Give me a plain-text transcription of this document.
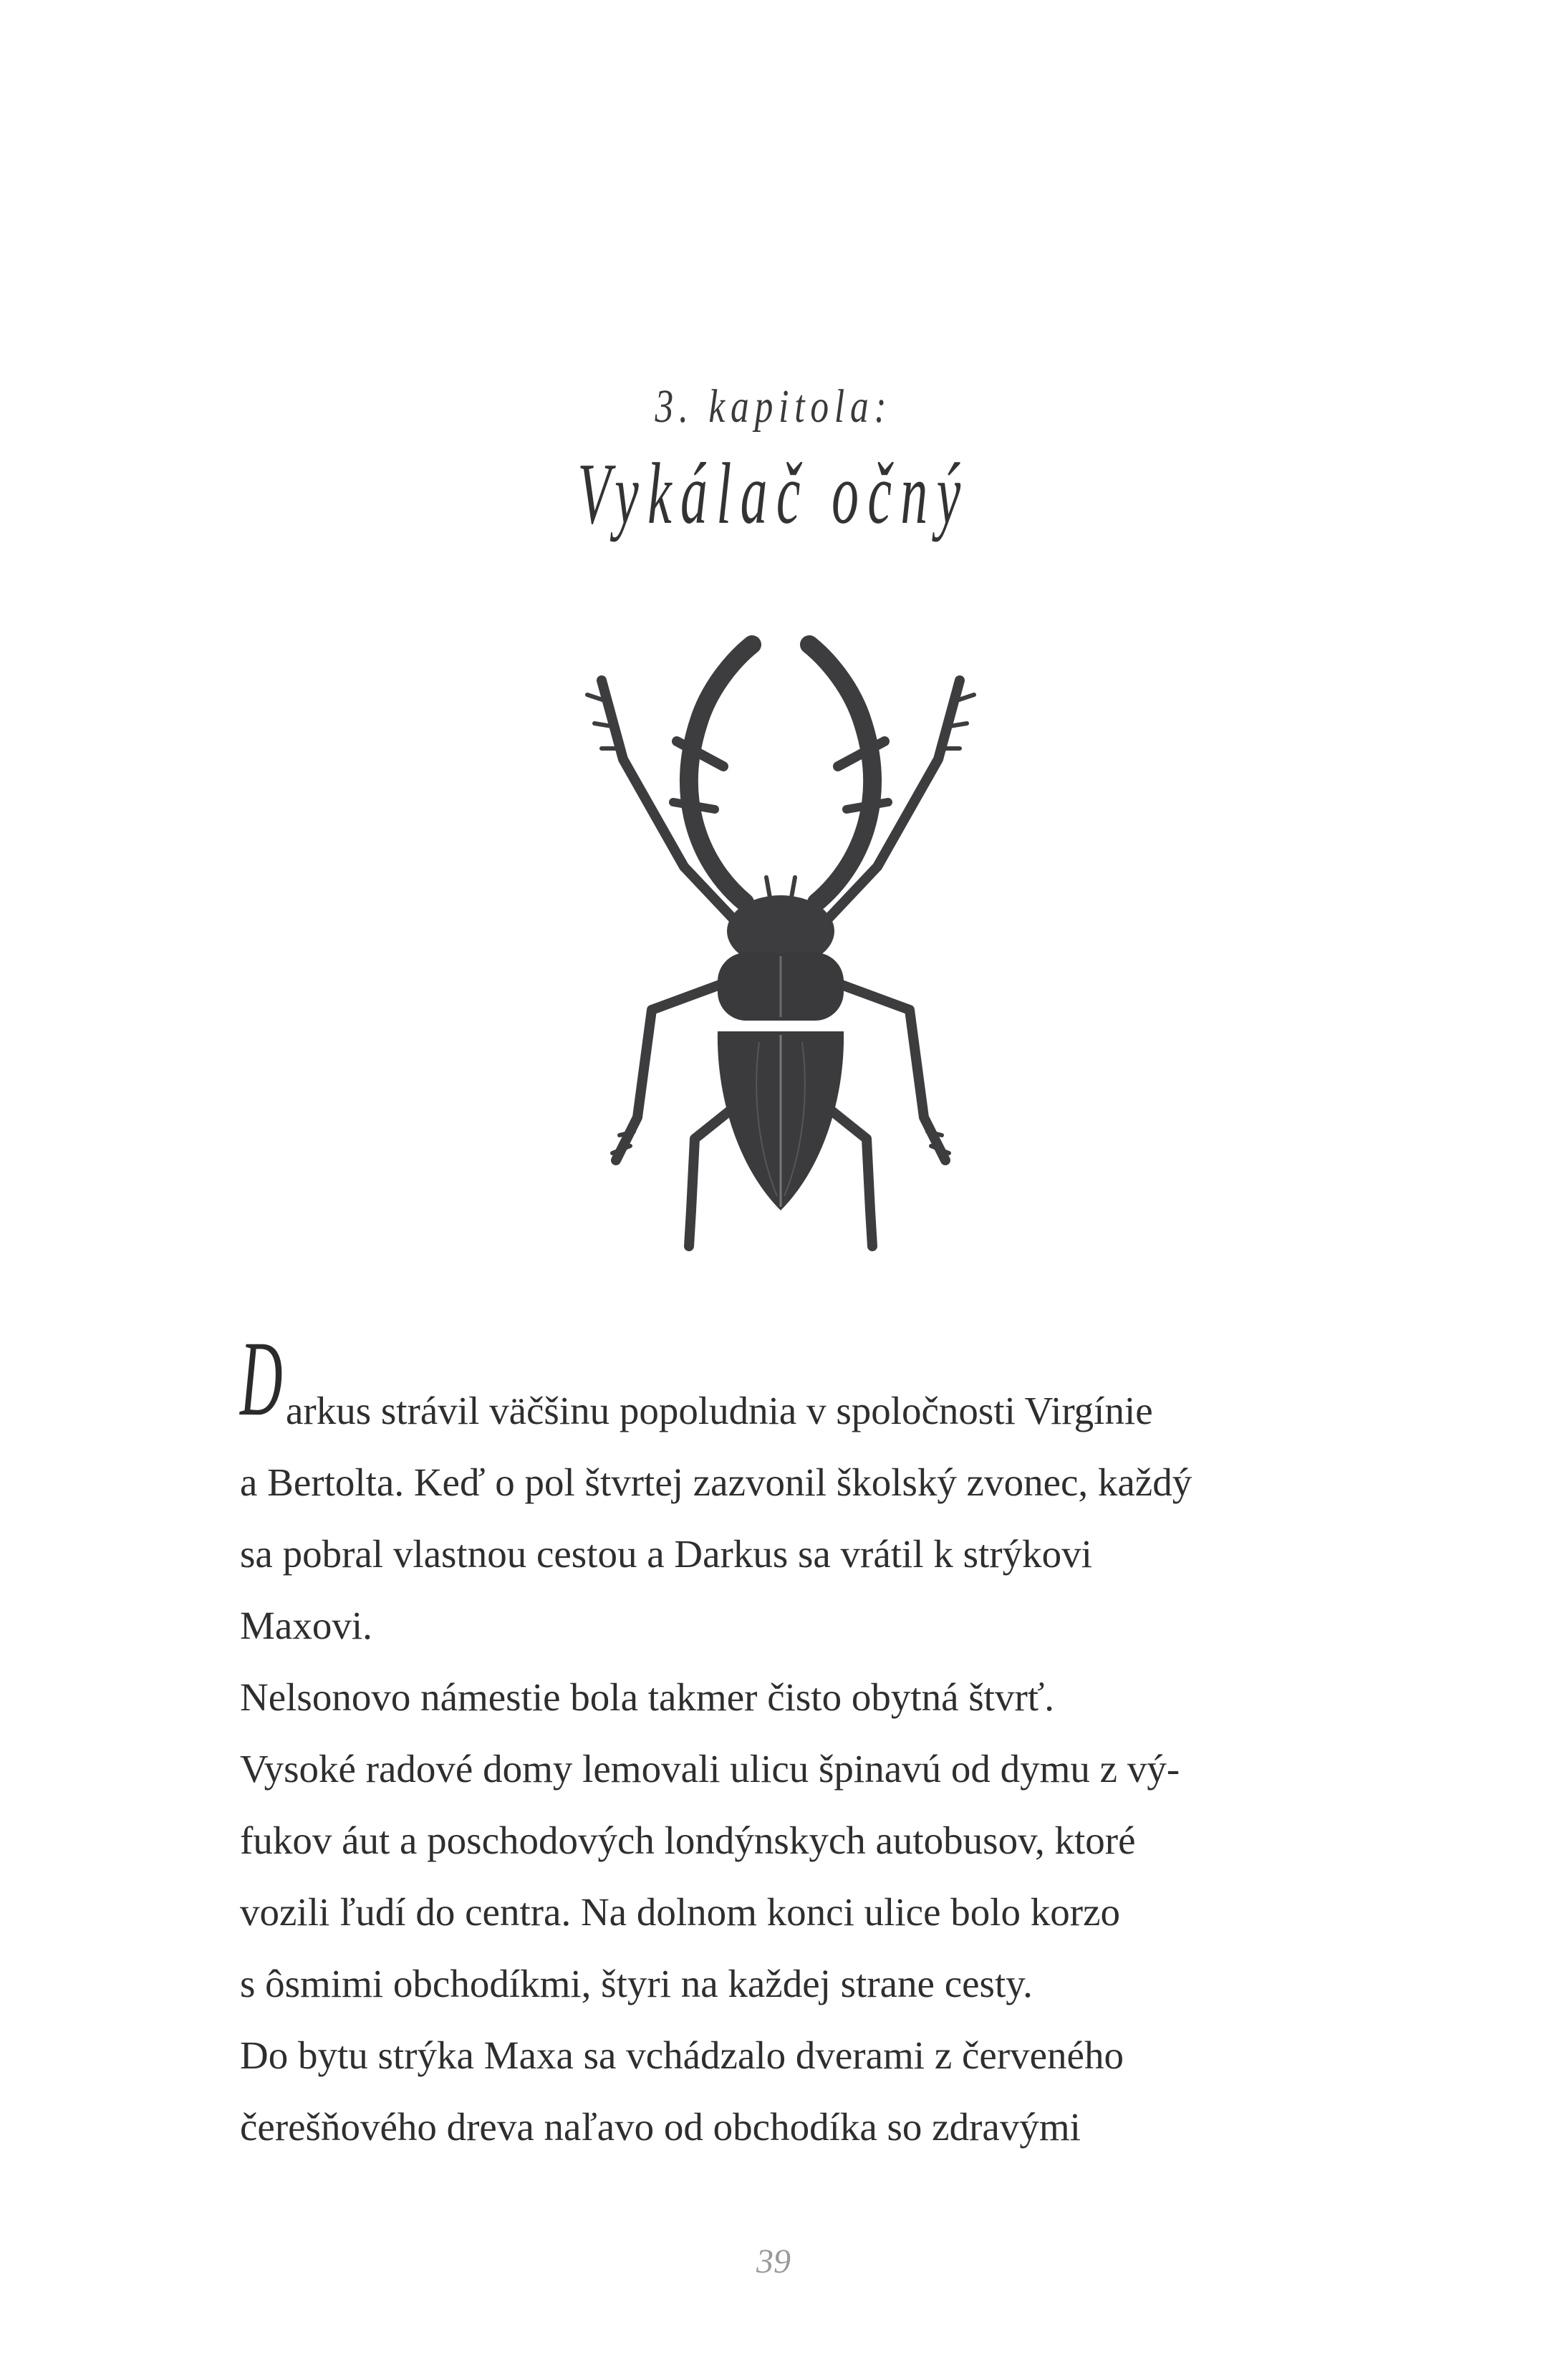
3. kapitola:
Vykálač očný
D arkus strávil väčšinu popoludnia v spoločnosti Virgínie
a Bertolta. Keď o pol štvrtej zazvonil školský zvonec, každý
sa pobral vlastnou cestou a Darkus sa vrátil k strýkovi
Maxovi.
Nelsonovo námestie bola takmer čisto obytná štvrť.
Vysoké radové domy lemovali ulicu špinavú od dymu z vý-
fukov áut a poschodových londýnskych autobusov, ktoré
vozili ľudí do centra. Na dolnom konci ulice bolo korzo
s ôsmimi obchodíkmi, štyri na každej strane cesty.
Do bytu strýka Maxa sa vchádzalo dverami z červeného
čerešňového dreva naľavo od obchodíka so zdravými
39
